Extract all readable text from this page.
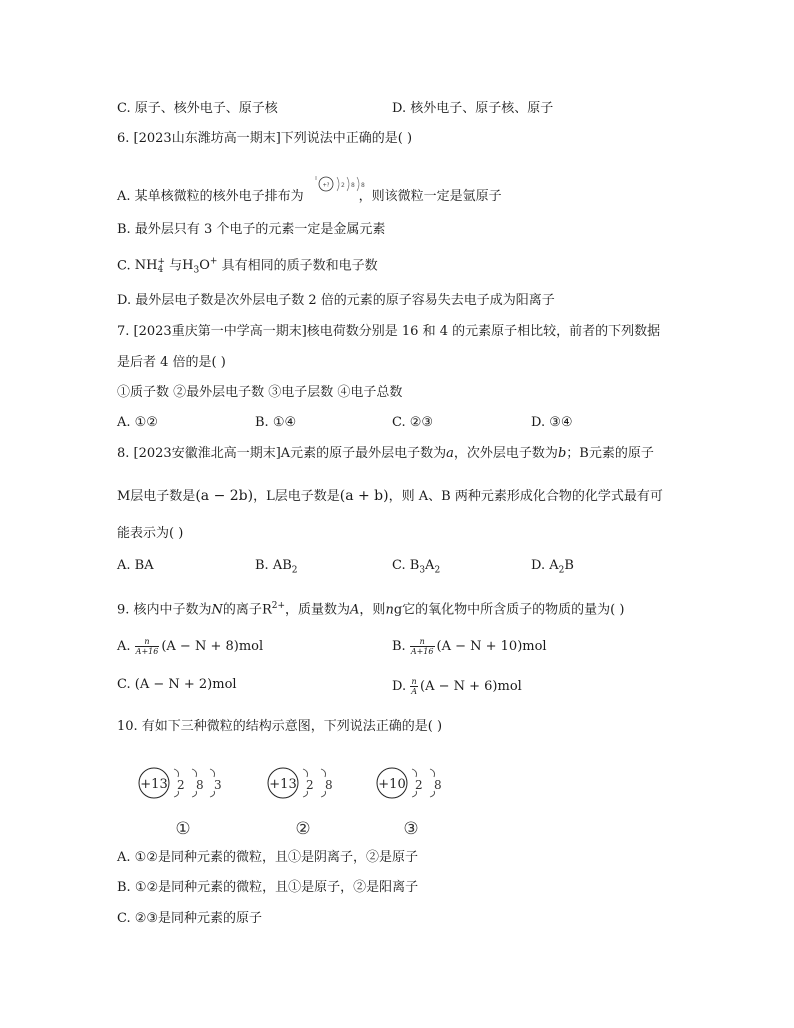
C. 原子、核外电子、原子核	D. 核外电子、原子核、原子
6. [2023山东潍坊高一期末]下列说法中正确的是( )
A. 某单核微粒的核外电子排布为	，则该微粒一定是氩原子
+? 2 8 8
B. 最外层只有 3 个电子的元素一定是金属元素
C. NH +
4 与$H_3O^+$ 具有相同的质子数和电子数
D. 最外层电子数是次外层电子数 2 倍的元素的原子容易失去电子成为阳离子
7. [2023重庆第一中学高一期末]核电荷数分别是 16 和 4 的元素原子相比较，前者的下列数据
是后者 4 倍的是( )
①质子数 ②最外层电子数 ③电子层数 ④电子总数
A. ①②	B. ①④	C. ②③	D. ③④
8. [2023安徽淮北高一期末]A元素的原子最外层电子数为a，次外层电子数为b；B元素的原子
M层电子数是(a − 2b)，L层电子数是(a + b)，则 A、B 两种元素形成化合物的化学式最有可
能表示为( )
A. BA	B. $AB_2$	C. $B_3A_2$	D. $A_2B$
9. 核内中子数为N的离子$R^{2+}$，质量数为A，则ng它的氧化物中所含质子的物质的量为( )
A. $\frac{n}{A+16} (A - N + 8)mol$	B. $\frac{n}{A+16} (A - N + 10)mol$
C. (A − N + 2)mol	D. $\frac{n}{A} (A - N + 6)mol$
10. 有如下三种微粒的结构示意图，下列说法正确的是( )
+13 2 8 3
①
+13 2 8
②
+10 2 8
③
A. ①②是同种元素的微粒，且①是阴离子，②是原子
B. ①②是同种元素的微粒，且①是原子，②是阳离子
C. ②③是同种元素的原子
